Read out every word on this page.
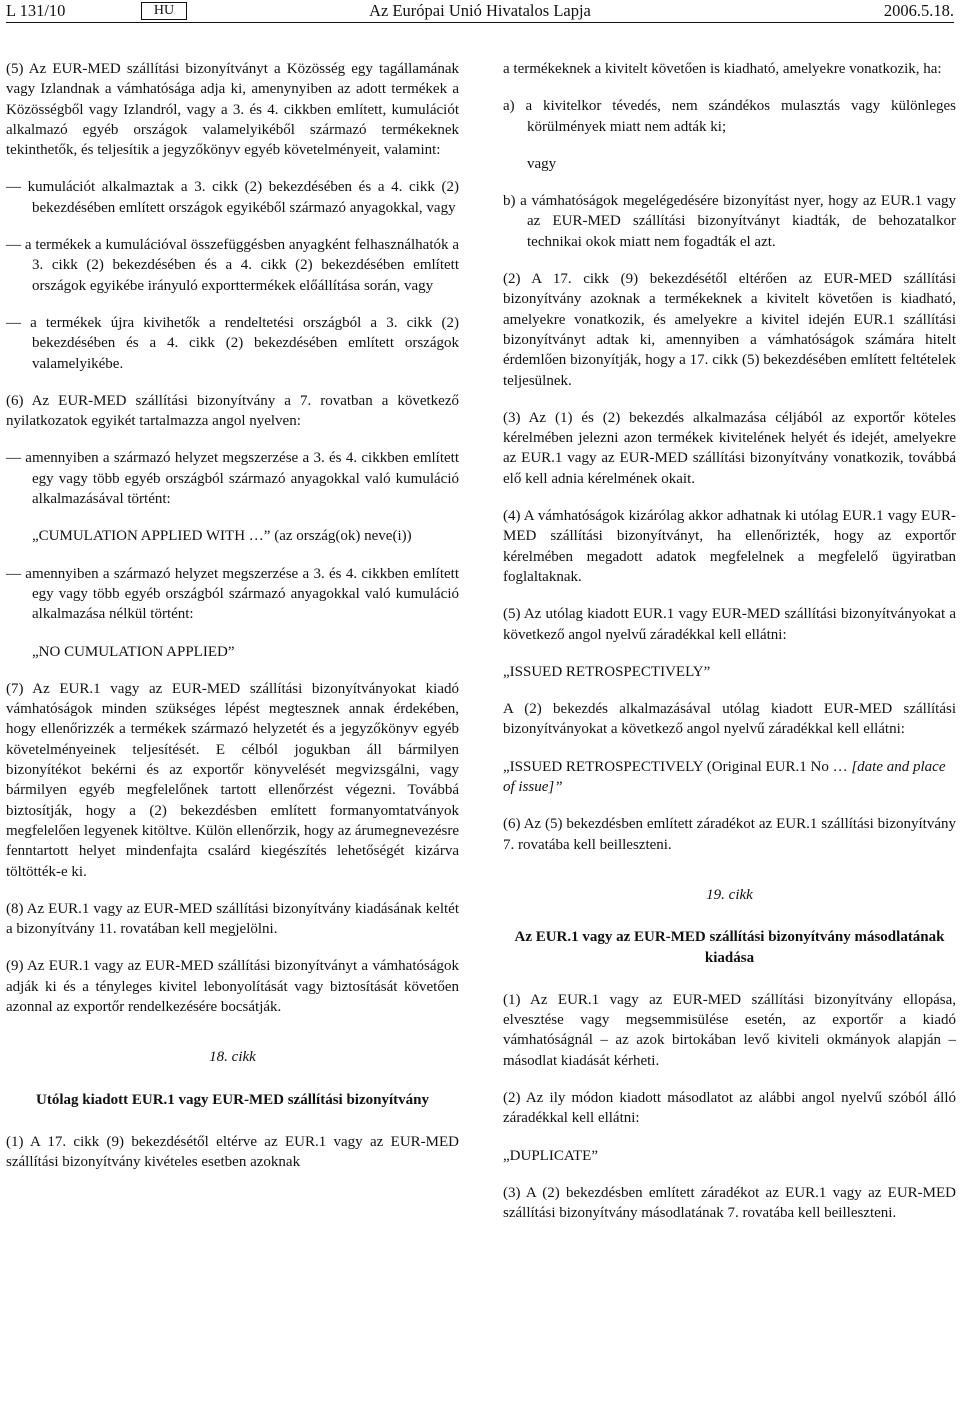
L 131/10	HU	Az Európai Unió Hivatalos Lapja	2006.5.18.

(5) Az EUR-MED szállítási bizonyítványt a Közösség egy tagállamának vagy Izlandnak a vámhatósága adja ki, amenynyiben az adott termékek a Közösségből vagy Izlandról, vagy a 3. és 4. cikkben említett, kumulációt alkalmazó egyéb országok valamelyikéből származó termékeknek tekinthetők, és teljesítik a jegyzőkönyv egyéb követelményeit, valamint:

— kumulációt alkalmaztak a 3. cikk (2) bekezdésében és a 4. cikk (2) bekezdésében említett országok egyikéből származó anyagokkal, vagy

— a termékek a kumulációval összefüggésben anyagként felhasználhatók a 3. cikk (2) bekezdésében és a 4. cikk (2) bekezdésében említett országok egyikébe irányuló exporttermékek előállítása során, vagy

— a termékek újra kivihetők a rendeltetési országból a 3. cikk (2) bekezdésében és a 4. cikk (2) bekezdésében említett országok valamelyikébe.

(6) Az EUR-MED szállítási bizonyítvány a 7. rovatban a következő nyilatkozatok egyikét tartalmazza angol nyelven:

— amennyiben a származó helyzet megszerzése a 3. és 4. cikkben említett egy vagy több egyéb országból származó anyagokkal való kumuláció alkalmazásával történt:

„CUMULATION APPLIED WITH …” (az ország(ok) neve(i))

— amennyiben a származó helyzet megszerzése a 3. és 4. cikkben említett egy vagy több egyéb országból származó anyagokkal való kumuláció alkalmazása nélkül történt:

„NO CUMULATION APPLIED”

(7) Az EUR.1 vagy az EUR-MED szállítási bizonyítványokat kiadó vámhatóságok minden szükséges lépést megtesznek annak érdekében, hogy ellenőrizzék a termékek származó helyzetét és a jegyzőkönyv egyéb követelményeinek teljesítését. E célból jogukban áll bármilyen bizonyítékot bekérni és az exportőr könyvelését megvizsgálni, vagy bármilyen egyéb megfelelőnek tartott ellenőrzést végezni. Továbbá biztosítják, hogy a (2) bekezdésben említett formanyomtatványok megfelelően legyenek kitöltve. Külön ellenőrzik, hogy az árumegnevezésre fenntartott helyet mindenfajta csalárd kiegészítés lehetőségét kizárva töltötték-e ki.

(8) Az EUR.1 vagy az EUR-MED szállítási bizonyítvány kiadásának keltét a bizonyítvány 11. rovatában kell megjelölni.

(9) Az EUR.1 vagy az EUR-MED szállítási bizonyítványt a vámhatóságok adják ki és a tényleges kivitel lebonyolítását vagy biztosítását követően azonnal az exportőr rendelkezésére bocsátják.

18. cikk

Utólag kiadott EUR.1 vagy EUR-MED szállítási bizonyítvány

(1) A 17. cikk (9) bekezdésétől eltérve az EUR.1 vagy az EUR-MED szállítási bizonyítvány kivételes esetben azoknak

a termékeknek a kivitelt követően is kiadható, amelyekre vonatkozik, ha:

a) a kivitelkor tévedés, nem szándékos mulasztás vagy különleges körülmények miatt nem adták ki;

vagy

b) a vámhatóságok megelégedésére bizonyítást nyer, hogy az EUR.1 vagy az EUR-MED szállítási bizonyítványt kiadták, de behozatalkor technikai okok miatt nem fogadták el azt.

(2) A 17. cikk (9) bekezdésétől eltérően az EUR-MED szállítási bizonyítvány azoknak a termékeknek a kivitelt követően is kiadható, amelyekre vonatkozik, és amelyekre a kivitel idején EUR.1 szállítási bizonyítványt adtak ki, amennyiben a vámhatóságok számára hitelt érdemlően bizonyítják, hogy a 17. cikk (5) bekezdésében említett feltételek teljesülnek.

(3) Az (1) és (2) bekezdés alkalmazása céljából az exportőr köteles kérelmében jelezni azon termékek kivitelének helyét és idejét, amelyekre az EUR.1 vagy az EUR-MED szállítási bizonyítvány vonatkozik, továbbá elő kell adnia kérelmének okait.

(4) A vámhatóságok kizárólag akkor adhatnak ki utólag EUR.1 vagy EUR-MED szállítási bizonyítványt, ha ellenőrizték, hogy az exportőr kérelmében megadott adatok megfelelnek a megfelelő ügyiratban foglaltaknak.

(5) Az utólag kiadott EUR.1 vagy EUR-MED szállítási bizonyítványokat a következő angol nyelvű záradékkal kell ellátni:

„ISSUED RETROSPECTIVELY”

A (2) bekezdés alkalmazásával utólag kiadott EUR-MED szállítási bizonyítványokat a következő angol nyelvű záradékkal kell ellátni:

„ISSUED RETROSPECTIVELY (Original EUR.1 No … [date and place of issue]”

(6) Az (5) bekezdésben említett záradékot az EUR.1 szállítási bizonyítvány 7. rovatába kell beilleszteni.

19. cikk

Az EUR.1 vagy az EUR-MED szállítási bizonyítvány másodlatának kiadása

(1) Az EUR.1 vagy az EUR-MED szállítási bizonyítvány ellopása, elvesztése vagy megsemmisülése esetén, az exportőr a kiadó vámhatóságnál – az azok birtokában levő kiviteli okmányok alapján – másodlat kiadását kérheti.

(2) Az ily módon kiadott másodlatot az alábbi angol nyelvű szóból álló záradékkal kell ellátni:

„DUPLICATE”

(3) A (2) bekezdésben említett záradékot az EUR.1 vagy az EUR-MED szállítási bizonyítvány másodlatának 7. rovatába kell beilleszteni.
